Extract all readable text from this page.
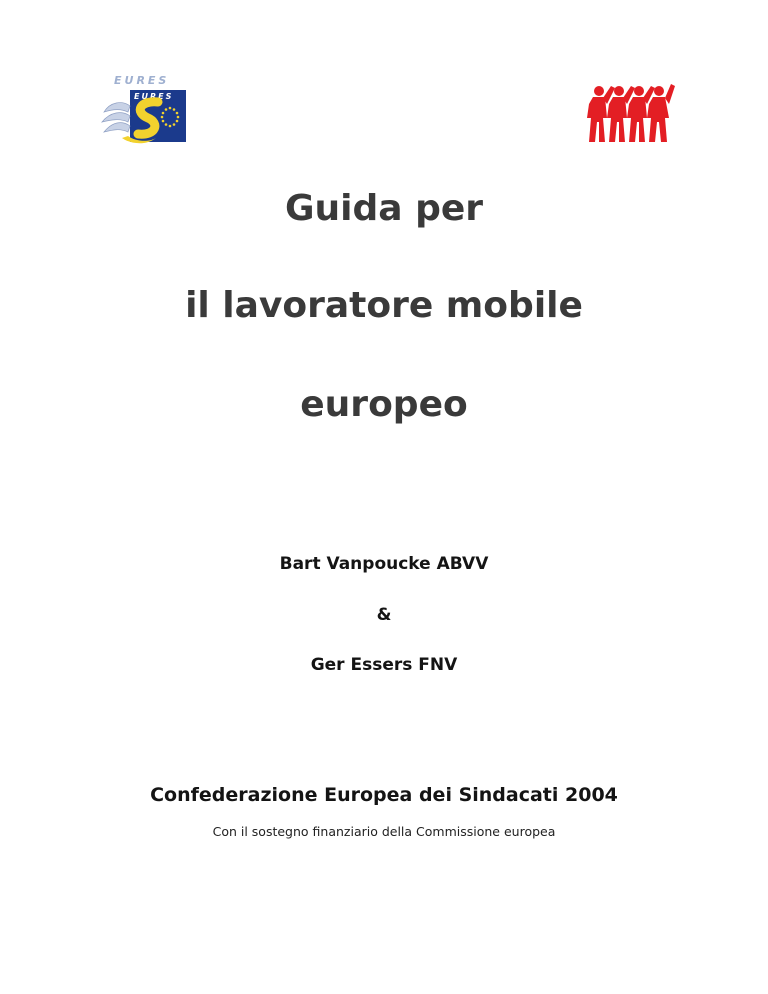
EURES
EURES
Guida per
il lavoratore mobile
europeo
Bart Vanpoucke ABVV
&
Ger Essers FNV
Confederazione Europea dei Sindacati 2004
Con il sostegno finanziario della Commissione europea
